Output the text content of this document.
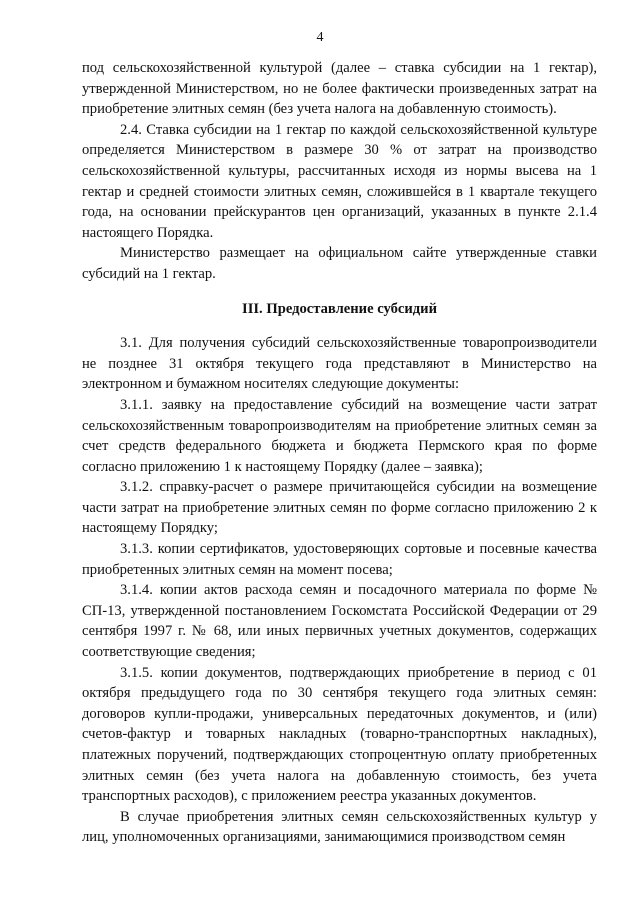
4

под сельскохозяйственной культурой (далее – ставка субсидии на 1 гектар), утвержденной Министерством, но не более фактически произведенных затрат на приобретение элитных семян (без учета налога на добавленную стоимость).

2.4. Ставка субсидии на 1 гектар по каждой сельскохозяйственной культуре определяется Министерством в размере 30 % от затрат на производство сельскохозяйственной культуры, рассчитанных исходя из нормы высева на 1 гектар и средней стоимости элитных семян, сложившейся в 1 квартале текущего года, на основании прейскурантов цен организаций, указанных в пункте 2.1.4 настоящего Порядка.

Министерство размещает на официальном сайте утвержденные ставки субсидий на 1 гектар.

III. Предоставление субсидий

3.1. Для получения субсидий сельскохозяйственные товаропроизводители не позднее 31 октября текущего года представляют в Министерство на электронном и бумажном носителях следующие документы:

3.1.1. заявку на предоставление субсидий на возмещение части затрат сельскохозяйственным товаропроизводителям на приобретение элитных семян за счет средств федерального бюджета и бюджета Пермского края по форме согласно приложению 1 к настоящему Порядку (далее – заявка);

3.1.2. справку-расчет о размере причитающейся субсидии на возмещение части затрат на приобретение элитных семян по форме согласно приложению 2 к настоящему Порядку;

3.1.3. копии сертификатов, удостоверяющих сортовые и посевные качества приобретенных элитных семян на момент посева;

3.1.4. копии актов расхода семян и посадочного материала по форме № СП-13, утвержденной постановлением Госкомстата Российской Федерации от 29 сентября 1997 г. № 68, или иных первичных учетных документов, содержащих соответствующие сведения;

3.1.5. копии документов, подтверждающих приобретение в период с 01 октября предыдущего года по 30 сентября текущего года элитных семян: договоров купли-продажи, универсальных передаточных документов, и (или) счетов-фактур и товарных накладных (товарно-транспортных накладных), платежных поручений, подтверждающих стопроцентную оплату приобретенных элитных семян (без учета налога на добавленную стоимость, без учета транспортных расходов), с приложением реестра указанных документов.

В случае приобретения элитных семян сельскохозяйственных культур у лиц, уполномоченных организациями, занимающимися производством семян
